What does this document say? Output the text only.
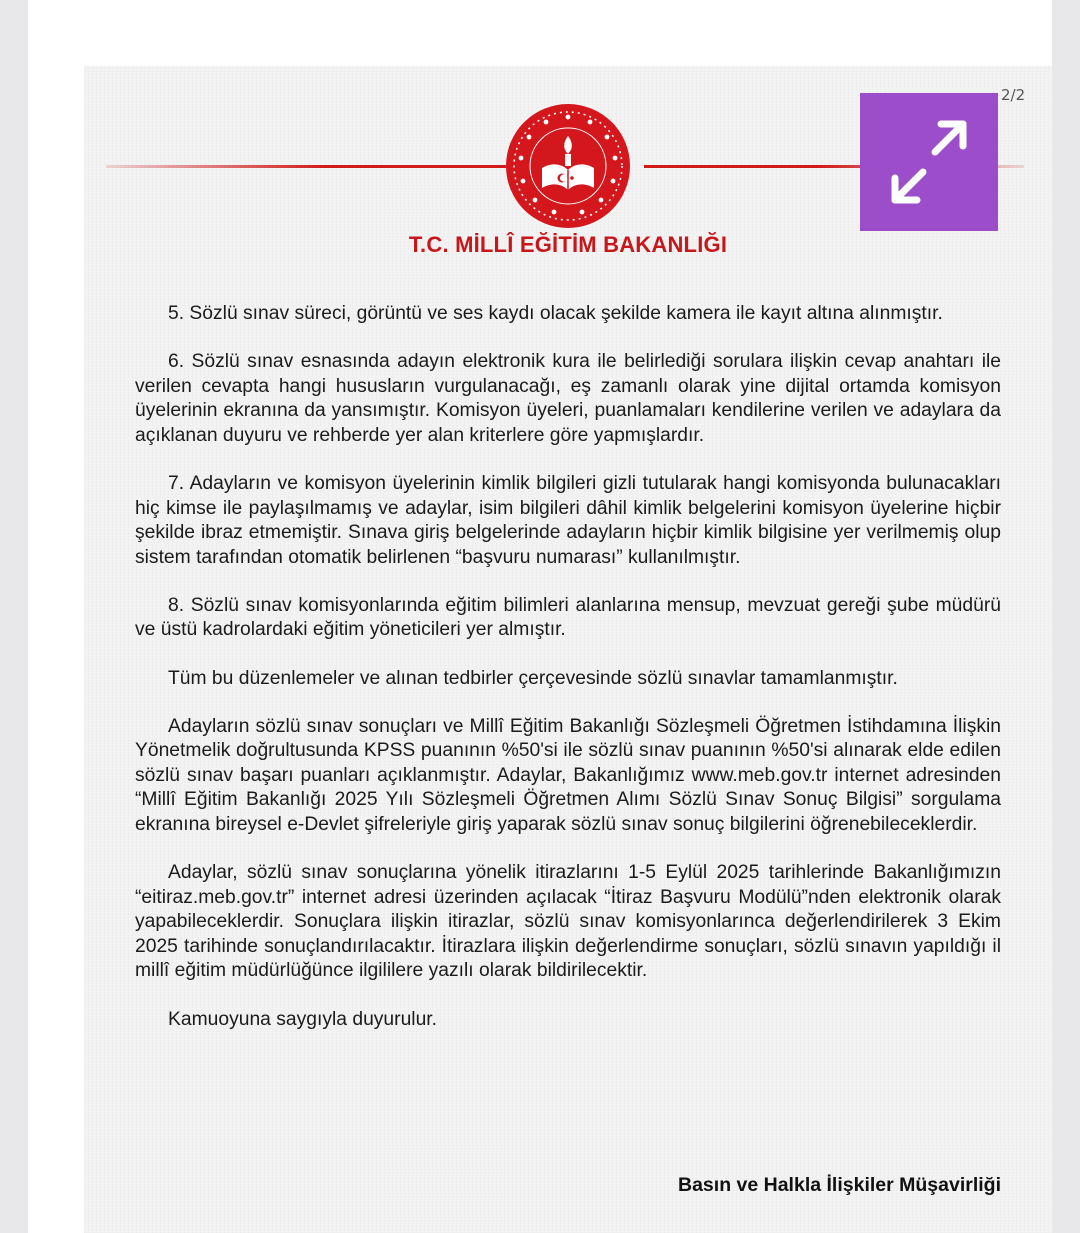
2/2
T.C. MİLLÎ EĞİTİM BAKANLIĞI

5. Sözlü sınav süreci, görüntü ve ses kaydı olacak şekilde kamera ile kayıt altına alınmıştır.

6. Sözlü sınav esnasında adayın elektronik kura ile belirlediği sorulara ilişkin cevap anahtarı ile verilen cevapta hangi hususların vurgulanacağı, eş zamanlı olarak yine dijital ortamda komisyon üyelerinin ekranına da yansımıştır. Komisyon üyeleri, puanlamaları kendilerine verilen ve adaylara da açıklanan duyuru ve rehberde yer alan kriterlere göre yapmışlardır.

7. Adayların ve komisyon üyelerinin kimlik bilgileri gizli tutularak hangi komisyonda bulunacakları hiç kimse ile paylaşılmamış ve adaylar, isim bilgileri dâhil kimlik belgelerini komisyon üyelerine hiçbir şekilde ibraz etmemiştir. Sınava giriş belgelerinde adayların hiçbir kimlik bilgisine yer verilmemiş olup sistem tarafından otomatik belirlenen “başvuru numarası” kullanılmıştır.

8. Sözlü sınav komisyonlarında eğitim bilimleri alanlarına mensup, mevzuat gereği şube müdürü ve üstü kadrolardaki eğitim yöneticileri yer almıştır.

Tüm bu düzenlemeler ve alınan tedbirler çerçevesinde sözlü sınavlar tamamlanmıştır.

Adayların sözlü sınav sonuçları ve Millî Eğitim Bakanlığı Sözleşmeli Öğretmen İstihdamına İlişkin Yönetmelik doğrultusunda KPSS puanının %50'si ile sözlü sınav puanının %50'si alınarak elde edilen sözlü sınav başarı puanları açıklanmıştır. Adaylar, Bakanlığımız www.meb.gov.tr internet adresinden “Millî Eğitim Bakanlığı 2025 Yılı Sözleşmeli Öğretmen Alımı Sözlü Sınav Sonuç Bilgisi” sorgulama ekranına bireysel e-Devlet şifreleriyle giriş yaparak sözlü sınav sonuç bilgilerini öğrenebileceklerdir.

Adaylar, sözlü sınav sonuçlarına yönelik itirazlarını 1-5 Eylül 2025 tarihlerinde Bakanlığımızın “eitiraz.meb.gov.tr” internet adresi üzerinden açılacak “İtiraz Başvuru Modülü”nden elektronik olarak yapabileceklerdir. Sonuçlara ilişkin itirazlar, sözlü sınav komisyonlarınca değerlendirilerek 3 Ekim 2025 tarihinde sonuçlandırılacaktır. İtirazlara ilişkin değerlendirme sonuçları, sözlü sınavın yapıldığı il millî eğitim müdürlüğünce ilgililere yazılı olarak bildirilecektir.

Kamuoyuna saygıyla duyurulur.

Basın ve Halkla İlişkiler Müşavirliği
